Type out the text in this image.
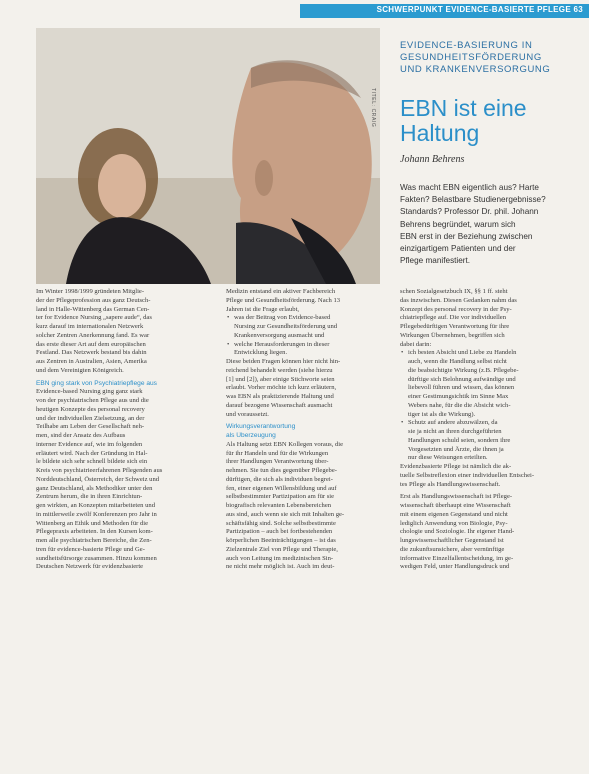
SCHWERPUNKT EVIDENCE-BASIERTE PFLEGE 63
TITEL: CRAIG
EVIDENCE-BASIERUNG IN
GESUNDHEITSFÖRDERUNG
UND KRANKENVERSORGUNG
EBN ist eine
Haltung
Johann Behrens
Was macht EBN eigentlich aus? Harte
Fakten? Belastbare Studienergebnisse?
Standards? Professor Dr. phil. Johann
Behrens begründet, warum sich
EBN erst in der Beziehung zwischen
einzigartigem Patienten und der
Pflege manifestiert.
Im Winter 1998/1999 gründeten Mitglie-
der der Pflegeprofession aus ganz Deutsch-
land in Halle-Wittenberg das German Cen-
ter for Evidence Nursing „sapere aude“, das
kurz darauf im internationalen Netzwerk
solcher Zentren Anerkennung fand. Es war
das erste dieser Art auf dem europäischen
Festland. Das Netzwerk bestand bis dahin
aus Zentren in Australien, Asien, Amerika
und dem Vereinigten Königreich.
EBN ging stark von Psychiatriepflege aus
Evidence-based Nursing ging ganz stark
von der psychiatrischen Pflege aus und die
heutigen Konzepte des personal recovery
und der individuellen Zielsetzung, an der
Teilhabe am Leben der Gesellschaft neh-
men, sind der Ansatz des Aufbaus
interner Evidence auf, wie im folgenden
erläutert wird. Nach der Gründung in Hal-
le bildete sich sehr schnell bildete sich ein
Kreis von psychiatrieerfahrenen Pflegenden aus
Norddeutschland, Österreich, der Schweiz und
ganz Deutschland, als Methodiker unter den
Zentrum herum, die in ihren Einrichtun-
gen wirkten, an Konzepten mitarbeiteten und
in mittlerweile zwölf Konferenzen pro Jahr in
Wittenberg an Ethik und Methoden für die
Pflegepraxis arbeiteten. In den Kursen kom-
men alle psychiatrischen Bereiche, die Zen-
tren für evidence-basierte Pflege und Ge-
sundheitsfürsorge zusammen. Hinzu kommen
Deutschen Netzwerk für evidenzbasierte
Medizin entstand ein aktiver Fachbereich
Pflege und Gesundheitsförderung. Nach 13
Jahren ist die Frage erlaubt,
• was der Beitrag von Evidence-based
Nursing zur Gesundheitsförderung und
Krankenversorgung ausmacht und
• welche Herausforderungen in dieser
Entwicklung liegen.
Diese beiden Fragen können hier nicht hin-
reichend behandelt werden (siehe hierzu
[1] und [2]), aber einige Stichworte seien
erlaubt. Vorher möchte ich kurz erläutern,
was EBN als praktizierende Haltung und
darauf bezogene Wissenschaft ausmacht
und voraussetzt.
Wirkungsverantwortung
als Überzeugung
Als Haltung setzt EBN Kollegen voraus, die
für ihr Handeln und für die Wirkungen
ihrer Handlungen Verantwortung über-
nehmen. Sie tun dies gegenüber Pflegebe-
dürftigen, die sich als individuen begrei-
fen, einer eigenen Willensbildung und auf
selbstbestimmter Partizipation am für sie
biografisch relevanten Lebensbereichen
aus sind, auch wenn sie sich mit Inhalten ge-
schäftsfähig sind. Solche selbstbestimmte
Partizipation – auch bei fortbestehenden
körperlichen Beeinträchtigungen – ist das
Zielzentrale Ziel von Pflege und Therapie,
auch von Leitung im medizinischen Sin-
ne nicht mehr möglich ist. Auch im deut-
schen Sozialgesetzbuch IX, §§ 1 ff. steht
das inzwischen. Diesen Gedanken nahm das
Konzept des personal recovery in der Psy-
chiatriepflege auf. Die vor individuellen
Pflegebedürftigen Verantwortung für ihre
Wirkungen Übernehmen, begriffen sich
dabei darin:
• ich besten Absicht und Liebe zu Handeln
auch, wenn die Handlung selbst nicht
die beabsichtigte Wirkung (z.B. Pflegebe-
dürftige sich Belohnung aufwändige und
liebevoll führen und wissen, das können
einer Gestimungsichtik im Sinne Max
Webers nahe, für die die Absicht wich-
tiger ist als die Wirkung).
• Schutz auf andere abzuwälzen, da
sie ja nicht an ihren durchgeführten
Handlungen schuld seien, sondern ihre
Vorgesetzten und Ärzte, die ihnen ja
nur diese Weisungen erteilten.
Evidenzbasierte Pflege ist nämlich die ak-
tuelle Selbstreflexion einer individuellen Entschei-
tes Pflege als Handlungswissenschaft.
Erst als Handlungswissenschaft ist Pflege-
wissenschaft überhaupt eine Wissenschaft
mit einem eigenen Gegenstand und nicht
lediglich Anwendung von Biologie, Psy-
chologie und Soziologie. Ihr eigener Hand-
lungswissenschaftlicher Gegenstand ist
die zukunftsunsichere, aber vernünftige
informative Einzelfallentscheidung, im ge-
wedigen Feld, unter Handlungsdruck und
